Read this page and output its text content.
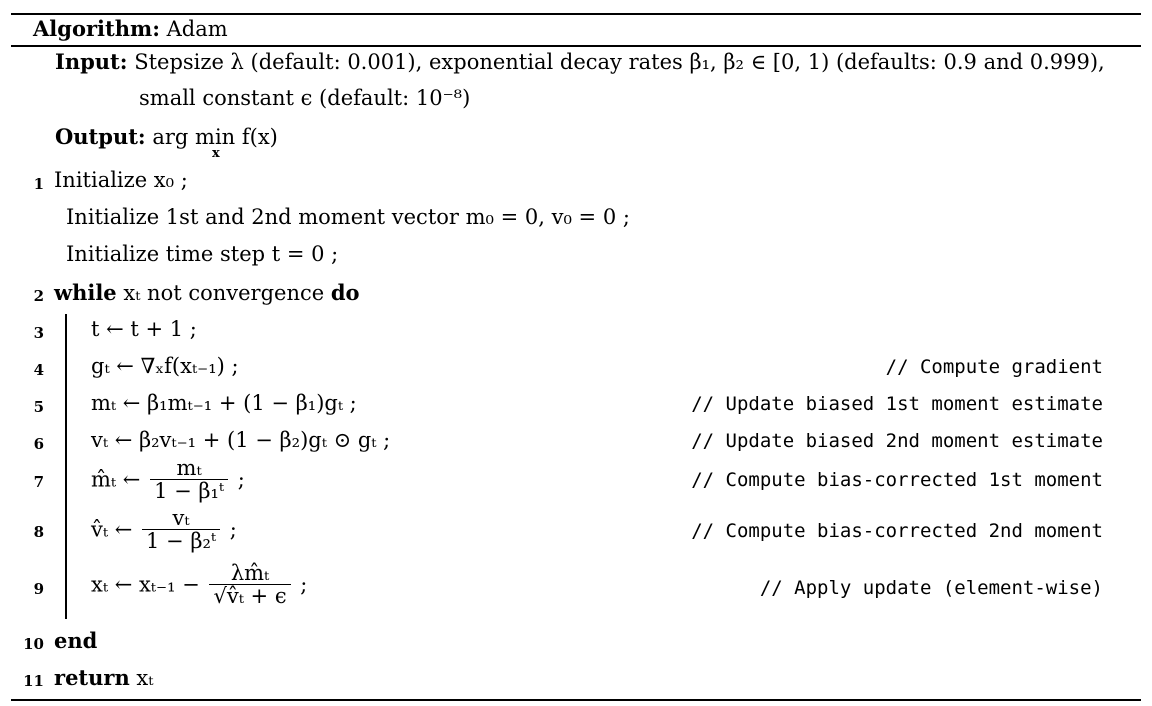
Algorithm: Adam
Input: Stepsize λ (default: 0.001), exponential decay rates β₁, β₂ ∈ [0, 1) (defaults: 0.9 and 0.999),
small constant ϵ (default: 10⁻⁸)
Output: arg min f(x)
x
1 Initialize x₀ ;
Initialize 1st and 2nd moment vector m₀ = 0, v₀ = 0 ;
Initialize time step t = 0 ;
2 while xₜ not convergence do
3 t ← t + 1 ;
4 gₜ ← ∇ₓf(xₜ₋₁) ;	// Compute gradient
5 mₜ ← β₁mₜ₋₁ + (1 − β₁)gₜ ;	// Update biased 1st moment estimate
6 vₜ ← β₂vₜ₋₁ + (1 − β₂)gₜ ⊙ gₜ ;	// Update biased 2nd moment estimate
7 m̂ₜ ← $\frac{\text{mₜ}}{\text{1 − β₁ᵗ}}$ ;	// Compute bias-corrected 1st moment
8 v̂ₜ ← $\frac{\text{vₜ}}{\text{1 − β₂ᵗ}}$ ;	// Compute bias-corrected 2nd moment
9 xₜ ← $x_{t-1} - \frac{\text{λm̂ₜ}}{\text{√v̂ₜ + ϵ}}$ ;	// Apply update (element-wise)
10 end
11 return xₜ
